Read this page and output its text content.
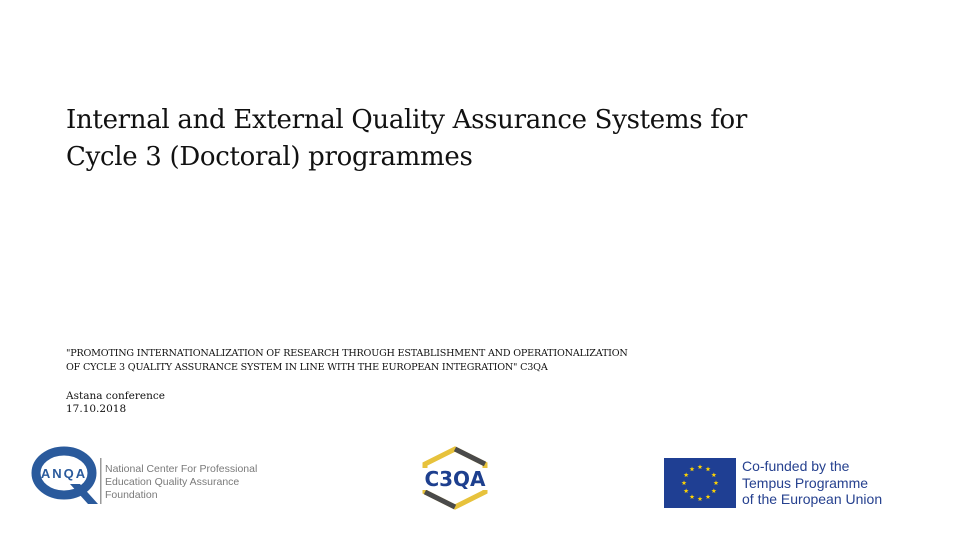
Internal and External Quality Assurance Systems for
Cycle 3 (Doctoral) programmes
"PROMOTING INTERNATIONALIZATION OF RESEARCH THROUGH ESTABLISHMENT AND OPERATIONALIZATION
OF CYCLE 3 QUALITY ASSURANCE SYSTEM IN LINE WITH THE EUROPEAN INTEGRATION" C3QA
Astana conference
17.10.2018
ANQA National Center For Professional
Education Quality Assurance
Foundation
C3QA
Co-funded by the
Tempus Programme
of the European Union
